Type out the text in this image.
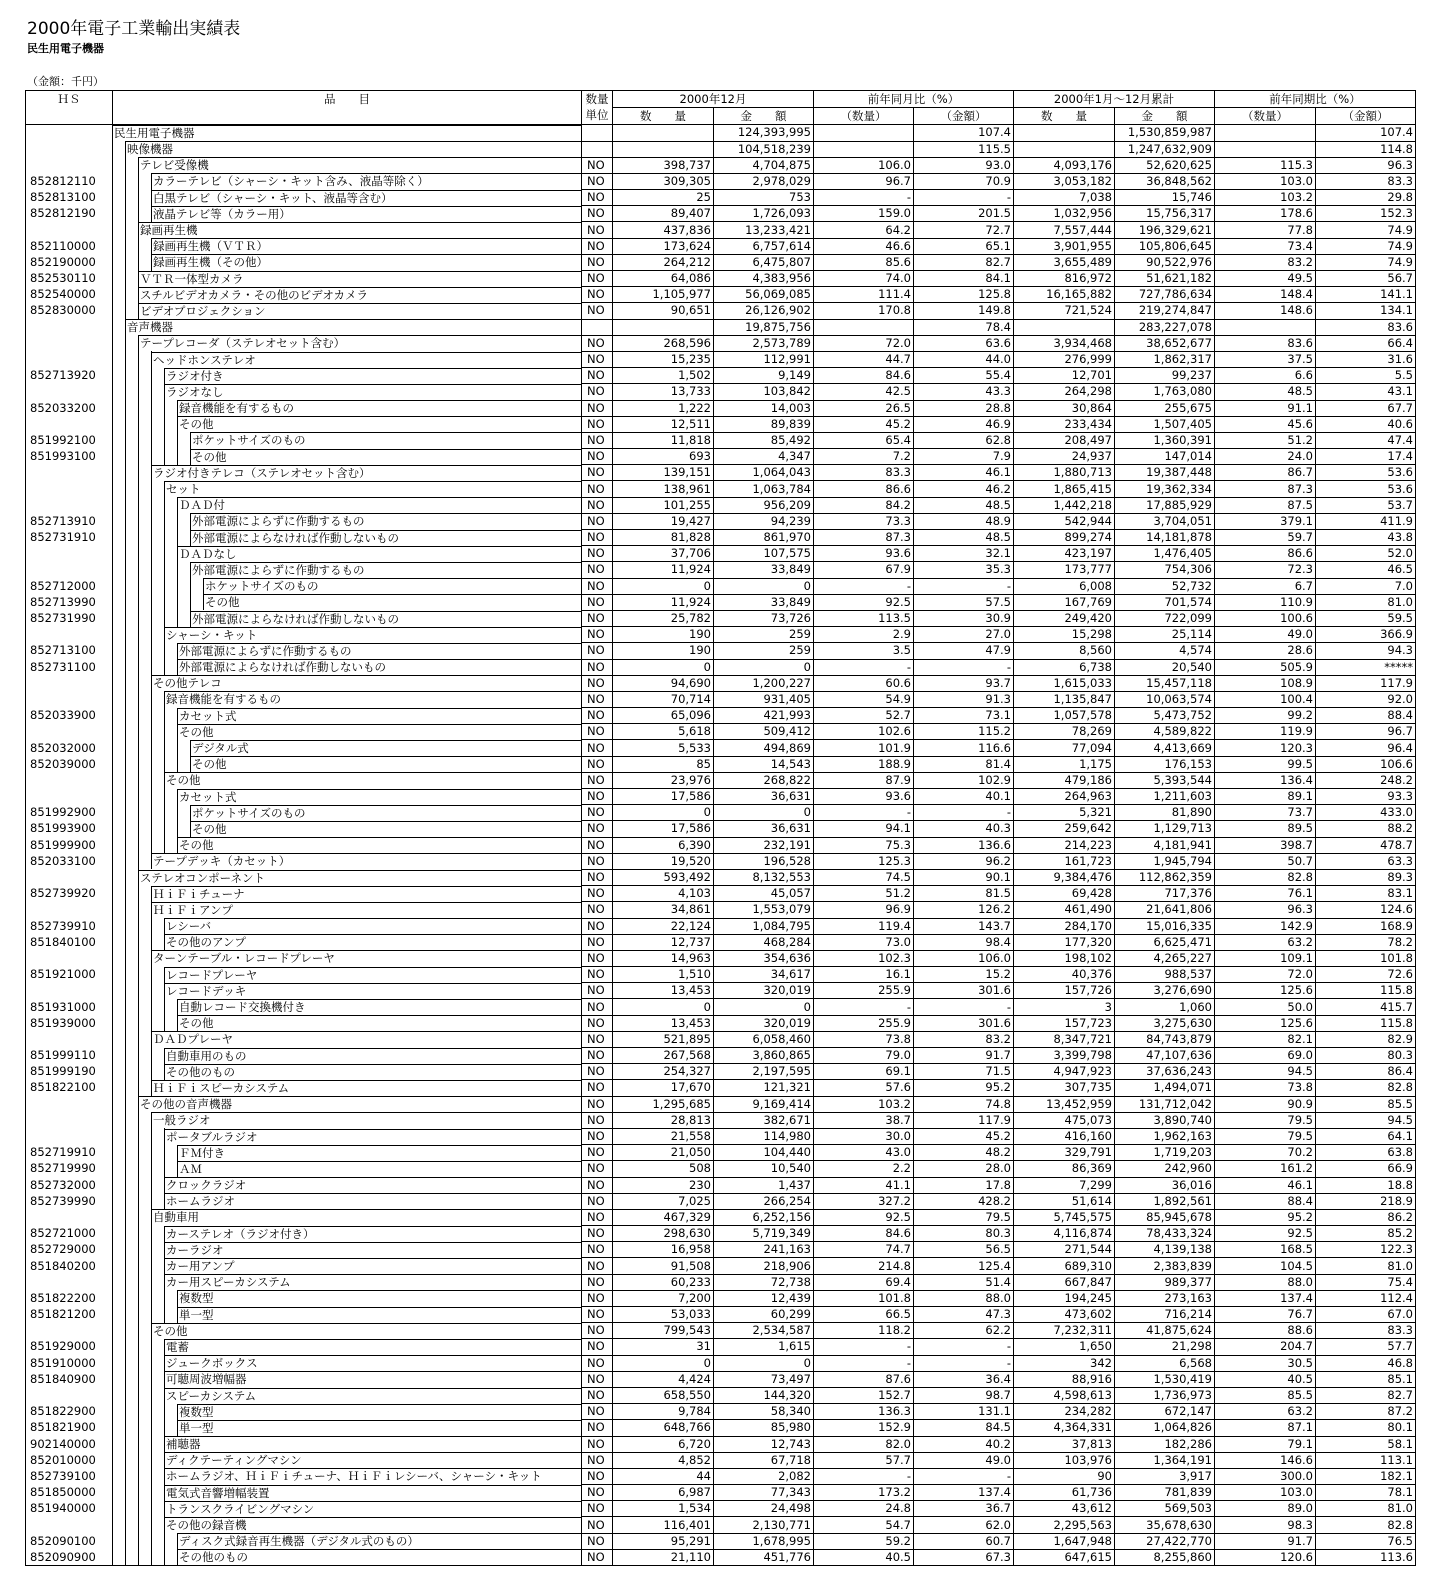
2000年電子工業輸出実績表
民生用電子機器
（金額：千円）
ＨＳ	品　　目	数量	2000年12月		前年同月比（%）		2000年1月～12月累計		前年同期比（%）	
		単位	数　　量	金　　額	（数量）	（金額）	数　　量	金　　額	（数量）	（金額）

	民生用電子機器			124,393,995		107.4		1,530,859,987		107.4

	映像機器			104,518,239		115.5		1,247,632,909		114.8

	テレビ受像機	NO	398,737	4,704,875	106.0	93.0	4,093,176	52,620,625	115.3	96.3
852812110	カラーテレビ（シャーシ・キット含み、液晶等除く）	NO	309,305	2,978,029	96.7	70.9	3,053,182	36,848,562	103.0	83.3
852813100	白黒テレビ（シャーシ・キット、液晶等含む）	NO	25	753	-	-	7,038	15,746	103.2	29.8
852812190	液晶テレビ等（カラー用）	NO	89,407	1,726,093	159.0	201.5	1,032,956	15,756,317	178.6	152.3

	録画再生機	NO	437,836	13,233,421	64.2	72.7	7,557,444	196,329,621	77.8	74.9
852110000	録画再生機（ＶＴＲ）	NO	173,624	6,757,614	46.6	65.1	3,901,955	105,806,645	73.4	74.9
852190000	録画再生機（その他）	NO	264,212	6,475,807	85.6	82.7	3,655,489	90,522,976	83.2	74.9
852530110	ＶＴＲ一体型カメラ	NO	64,086	4,383,956	74.0	84.1	816,972	51,621,182	49.5	56.7
852540000	スチルビデオカメラ・その他のビデオカメラ	NO	1,105,977	56,069,085	111.4	125.8	16,165,882	727,786,634	148.4	141.1
852830000	ビデオプロジェクション	NO	90,651	26,126,902	170.8	149.8	721,524	219,274,847	148.6	134.1

	音声機器			19,875,756		78.4		283,227,078		83.6

	テープレコーダ（ステレオセット含む）	NO	268,596	2,573,789	72.0	63.6	3,934,468	38,652,677	83.6	66.4

	ヘッドホンステレオ	NO	15,235	112,991	44.7	44.0	276,999	1,862,317	37.5	31.6
852713920	ラジオ付き	NO	1,502	9,149	84.6	55.4	12,701	99,237	6.6	5.5

	ラジオなし	NO	13,733	103,842	42.5	43.3	264,298	1,763,080	48.5	43.1
852033200	録音機能を有するもの	NO	1,222	14,003	26.5	28.8	30,864	255,675	91.1	67.7

	その他	NO	12,511	89,839	45.2	46.9	233,434	1,507,405	45.6	40.6
851992100	ポケットサイズのもの	NO	11,818	85,492	65.4	62.8	208,497	1,360,391	51.2	47.4
851993100	その他	NO	693	4,347	7.2	7.9	24,937	147,014	24.0	17.4

	ラジオ付きテレコ（ステレオセット含む）	NO	139,151	1,064,043	83.3	46.1	1,880,713	19,387,448	86.7	53.6

	セット	NO	138,961	1,063,784	86.6	46.2	1,865,415	19,362,334	87.3	53.6

	ＤＡＤ付	NO	101,255	956,209	84.2	48.5	1,442,218	17,885,929	87.5	53.7
852713910	外部電源によらずに作動するもの	NO	19,427	94,239	73.3	48.9	542,944	3,704,051	379.1	411.9
852731910	外部電源によらなければ作動しないもの	NO	81,828	861,970	87.3	48.5	899,274	14,181,878	59.7	43.8

	ＤＡＤなし	NO	37,706	107,575	93.6	32.1	423,197	1,476,405	86.6	52.0

	外部電源によらずに作動するもの	NO	11,924	33,849	67.9	35.3	173,777	754,306	72.3	46.5
852712000	ホケットサイズのもの	NO	0	0	-	-	6,008	52,732	6.7	7.0
852713990	その他	NO	11,924	33,849	92.5	57.5	167,769	701,574	110.9	81.0
852731990	外部電源によらなければ作動しないもの	NO	25,782	73,726	113.5	30.9	249,420	722,099	100.6	59.5

	シャーシ・キット	NO	190	259	2.9	27.0	15,298	25,114	49.0	366.9
852713100	外部電源によらずに作動するもの	NO	190	259	3.5	47.9	8,560	4,574	28.6	94.3
852731100	外部電源によらなければ作動しないもの	NO	0	0	-	-	6,738	20,540	505.9	*****

	その他テレコ	NO	94,690	1,200,227	60.6	93.7	1,615,033	15,457,118	108.9	117.9

	録音機能を有するもの	NO	70,714	931,405	54.9	91.3	1,135,847	10,063,574	100.4	92.0
852033900	カセット式	NO	65,096	421,993	52.7	73.1	1,057,578	5,473,752	99.2	88.4

	その他	NO	5,618	509,412	102.6	115.2	78,269	4,589,822	119.9	96.7
852032000	デジタル式	NO	5,533	494,869	101.9	116.6	77,094	4,413,669	120.3	96.4
852039000	その他	NO	85	14,543	188.9	81.4	1,175	176,153	99.5	106.6

	その他	NO	23,976	268,822	87.9	102.9	479,186	5,393,544	136.4	248.2

	カセット式	NO	17,586	36,631	93.6	40.1	264,963	1,211,603	89.1	93.3
851992900	ポケットサイズのもの	NO	0	0	-	-	5,321	81,890	73.7	433.0
851993900	その他	NO	17,586	36,631	94.1	40.3	259,642	1,129,713	89.5	88.2
851999900	その他	NO	6,390	232,191	75.3	136.6	214,223	4,181,941	398.7	478.7
852033100	テープデッキ（カセット）	NO	19,520	196,528	125.3	96.2	161,723	1,945,794	50.7	63.3

	ステレオコンポーネント	NO	593,492	8,132,553	74.5	90.1	9,384,476	112,862,359	82.8	89.3
852739920	ＨｉＦｉチューナ	NO	4,103	45,057	51.2	81.5	69,428	717,376	76.1	83.1

	ＨｉＦｉアンプ	NO	34,861	1,553,079	96.9	126.2	461,490	21,641,806	96.3	124.6
852739910	レシーバ	NO	22,124	1,084,795	119.4	143.7	284,170	15,016,335	142.9	168.9
851840100	その他のアンプ	NO	12,737	468,284	73.0	98.4	177,320	6,625,471	63.2	78.2

	ターンテーブル・レコードプレーヤ	NO	14,963	354,636	102.3	106.0	198,102	4,265,227	109.1	101.8
851921000	レコードプレーヤ	NO	1,510	34,617	16.1	15.2	40,376	988,537	72.0	72.6

	レコードデッキ	NO	13,453	320,019	255.9	301.6	157,726	3,276,690	125.6	115.8
851931000	自動レコード交換機付き	NO	0	0	-	-	3	1,060	50.0	415.7
851939000	その他	NO	13,453	320,019	255.9	301.6	157,723	3,275,630	125.6	115.8

	ＤＡＤプレーヤ	NO	521,895	6,058,460	73.8	83.2	8,347,721	84,743,879	82.1	82.9
851999110	自動車用のもの	NO	267,568	3,860,865	79.0	91.7	3,399,798	47,107,636	69.0	80.3
851999190	その他のもの	NO	254,327	2,197,595	69.1	71.5	4,947,923	37,636,243	94.5	86.4
851822100	ＨｉＦｉスピーカシステム	NO	17,670	121,321	57.6	95.2	307,735	1,494,071	73.8	82.8

	その他の音声機器	NO	1,295,685	9,169,414	103.2	74.8	13,452,959	131,712,042	90.9	85.5

	一般ラジオ	NO	28,813	382,671	38.7	117.9	475,073	3,890,740	79.5	94.5

	ポータブルラジオ	NO	21,558	114,980	30.0	45.2	416,160	1,962,163	79.5	64.1
852719910	ＦＭ付き	NO	21,050	104,440	43.0	48.2	329,791	1,719,203	70.2	63.8
852719990	ＡＭ	NO	508	10,540	2.2	28.0	86,369	242,960	161.2	66.9
852732000	クロックラジオ	NO	230	1,437	41.1	17.8	7,299	36,016	46.1	18.8
852739990	ホームラジオ	NO	7,025	266,254	327.2	428.2	51,614	1,892,561	88.4	218.9

	自動車用	NO	467,329	6,252,156	92.5	79.5	5,745,575	85,945,678	95.2	86.2
852721000	カーステレオ（ラジオ付き）	NO	298,630	5,719,349	84.6	80.3	4,116,874	78,433,324	92.5	85.2
852729000	カーラジオ	NO	16,958	241,163	74.7	56.5	271,544	4,139,138	168.5	122.3
851840200	カー用アンプ	NO	91,508	218,906	214.8	125.4	689,310	2,383,839	104.5	81.0

	カー用スピーカシステム	NO	60,233	72,738	69.4	51.4	667,847	989,377	88.0	75.4
851822200	複数型	NO	7,200	12,439	101.8	88.0	194,245	273,163	137.4	112.4
851821200	単一型	NO	53,033	60,299	66.5	47.3	473,602	716,214	76.7	67.0

	その他	NO	799,543	2,534,587	118.2	62.2	7,232,311	41,875,624	88.6	83.3
851929000	電蓄	NO	31	1,615	-	-	1,650	21,298	204.7	57.7
851910000	ジュークボックス	NO	0	0	-	-	342	6,568	30.5	46.8
851840900	可聴周波増幅器	NO	4,424	73,497	87.6	36.4	88,916	1,530,419	40.5	85.1

	スピーカシステム	NO	658,550	144,320	152.7	98.7	4,598,613	1,736,973	85.5	82.7
851822900	複数型	NO	9,784	58,340	136.3	131.1	234,282	672,147	63.2	87.2
851821900	単一型	NO	648,766	85,980	152.9	84.5	4,364,331	1,064,826	87.1	80.1
902140000	補聴器	NO	6,720	12,743	82.0	40.2	37,813	182,286	79.1	58.1
852010000	ディクテーティングマシン	NO	4,852	67,718	57.7	49.0	103,976	1,364,191	146.6	113.1
852739100	ホームラジオ、ＨｉＦｉチューナ、ＨｉＦｉレシーバ、シャーシ・キット	NO	44	2,082	-	-	90	3,917	300.0	182.1
851850000	電気式音響増幅装置	NO	6,987	77,343	173.2	137.4	61,736	781,839	103.0	78.1
851940000	トランスクライビングマシン	NO	1,534	24,498	24.8	36.7	43,612	569,503	89.0	81.0

	その他の録音機	NO	116,401	2,130,771	54.7	62.0	2,295,563	35,678,630	98.3	82.8
852090100	ディスク式録音再生機器（デジタル式のもの）	NO	95,291	1,678,995	59.2	60.7	1,647,948	27,422,770	91.7	76.5
852090900	その他のもの	NO	21,110	451,776	40.5	67.3	647,615	8,255,860	120.6	113.6
